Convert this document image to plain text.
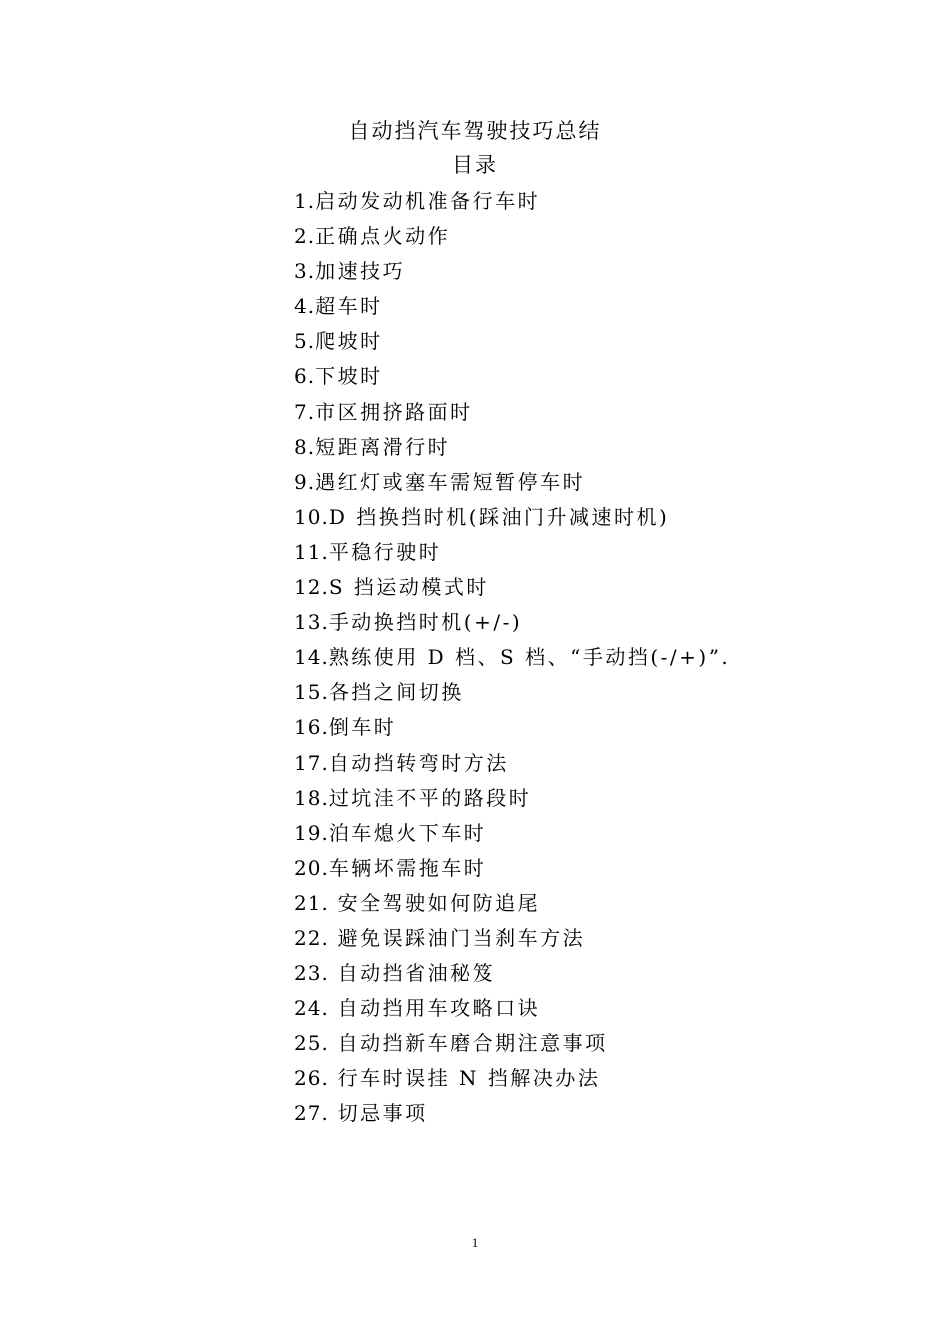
自动挡汽车驾驶技巧总结
目录
1.启动发动机准备行车时
2.正确点火动作
3.加速技巧
4.超车时
5.爬坡时
6.下坡时
7.市区拥挤路面时
8.短距离滑行时
9.遇红灯或塞车需短暂停车时
10.D 挡换挡时机(踩油门升减速时机)
11.平稳行驶时
12.S 挡运动模式时
13.手动换挡时机(+/-)
14.熟练使用 D 档、S 档、“手动挡(-/+)”.
15.各挡之间切换
16.倒车时
17.自动挡转弯时方法
18.过坑洼不平的路段时
19.泊车熄火下车时
20.车辆坏需拖车时
21. 安全驾驶如何防追尾
22. 避免误踩油门当刹车方法
23. 自动挡省油秘笈
24. 自动挡用车攻略口诀
25. 自动挡新车磨合期注意事项
26. 行车时误挂 N 挡解决办法
27. 切忌事项
1
